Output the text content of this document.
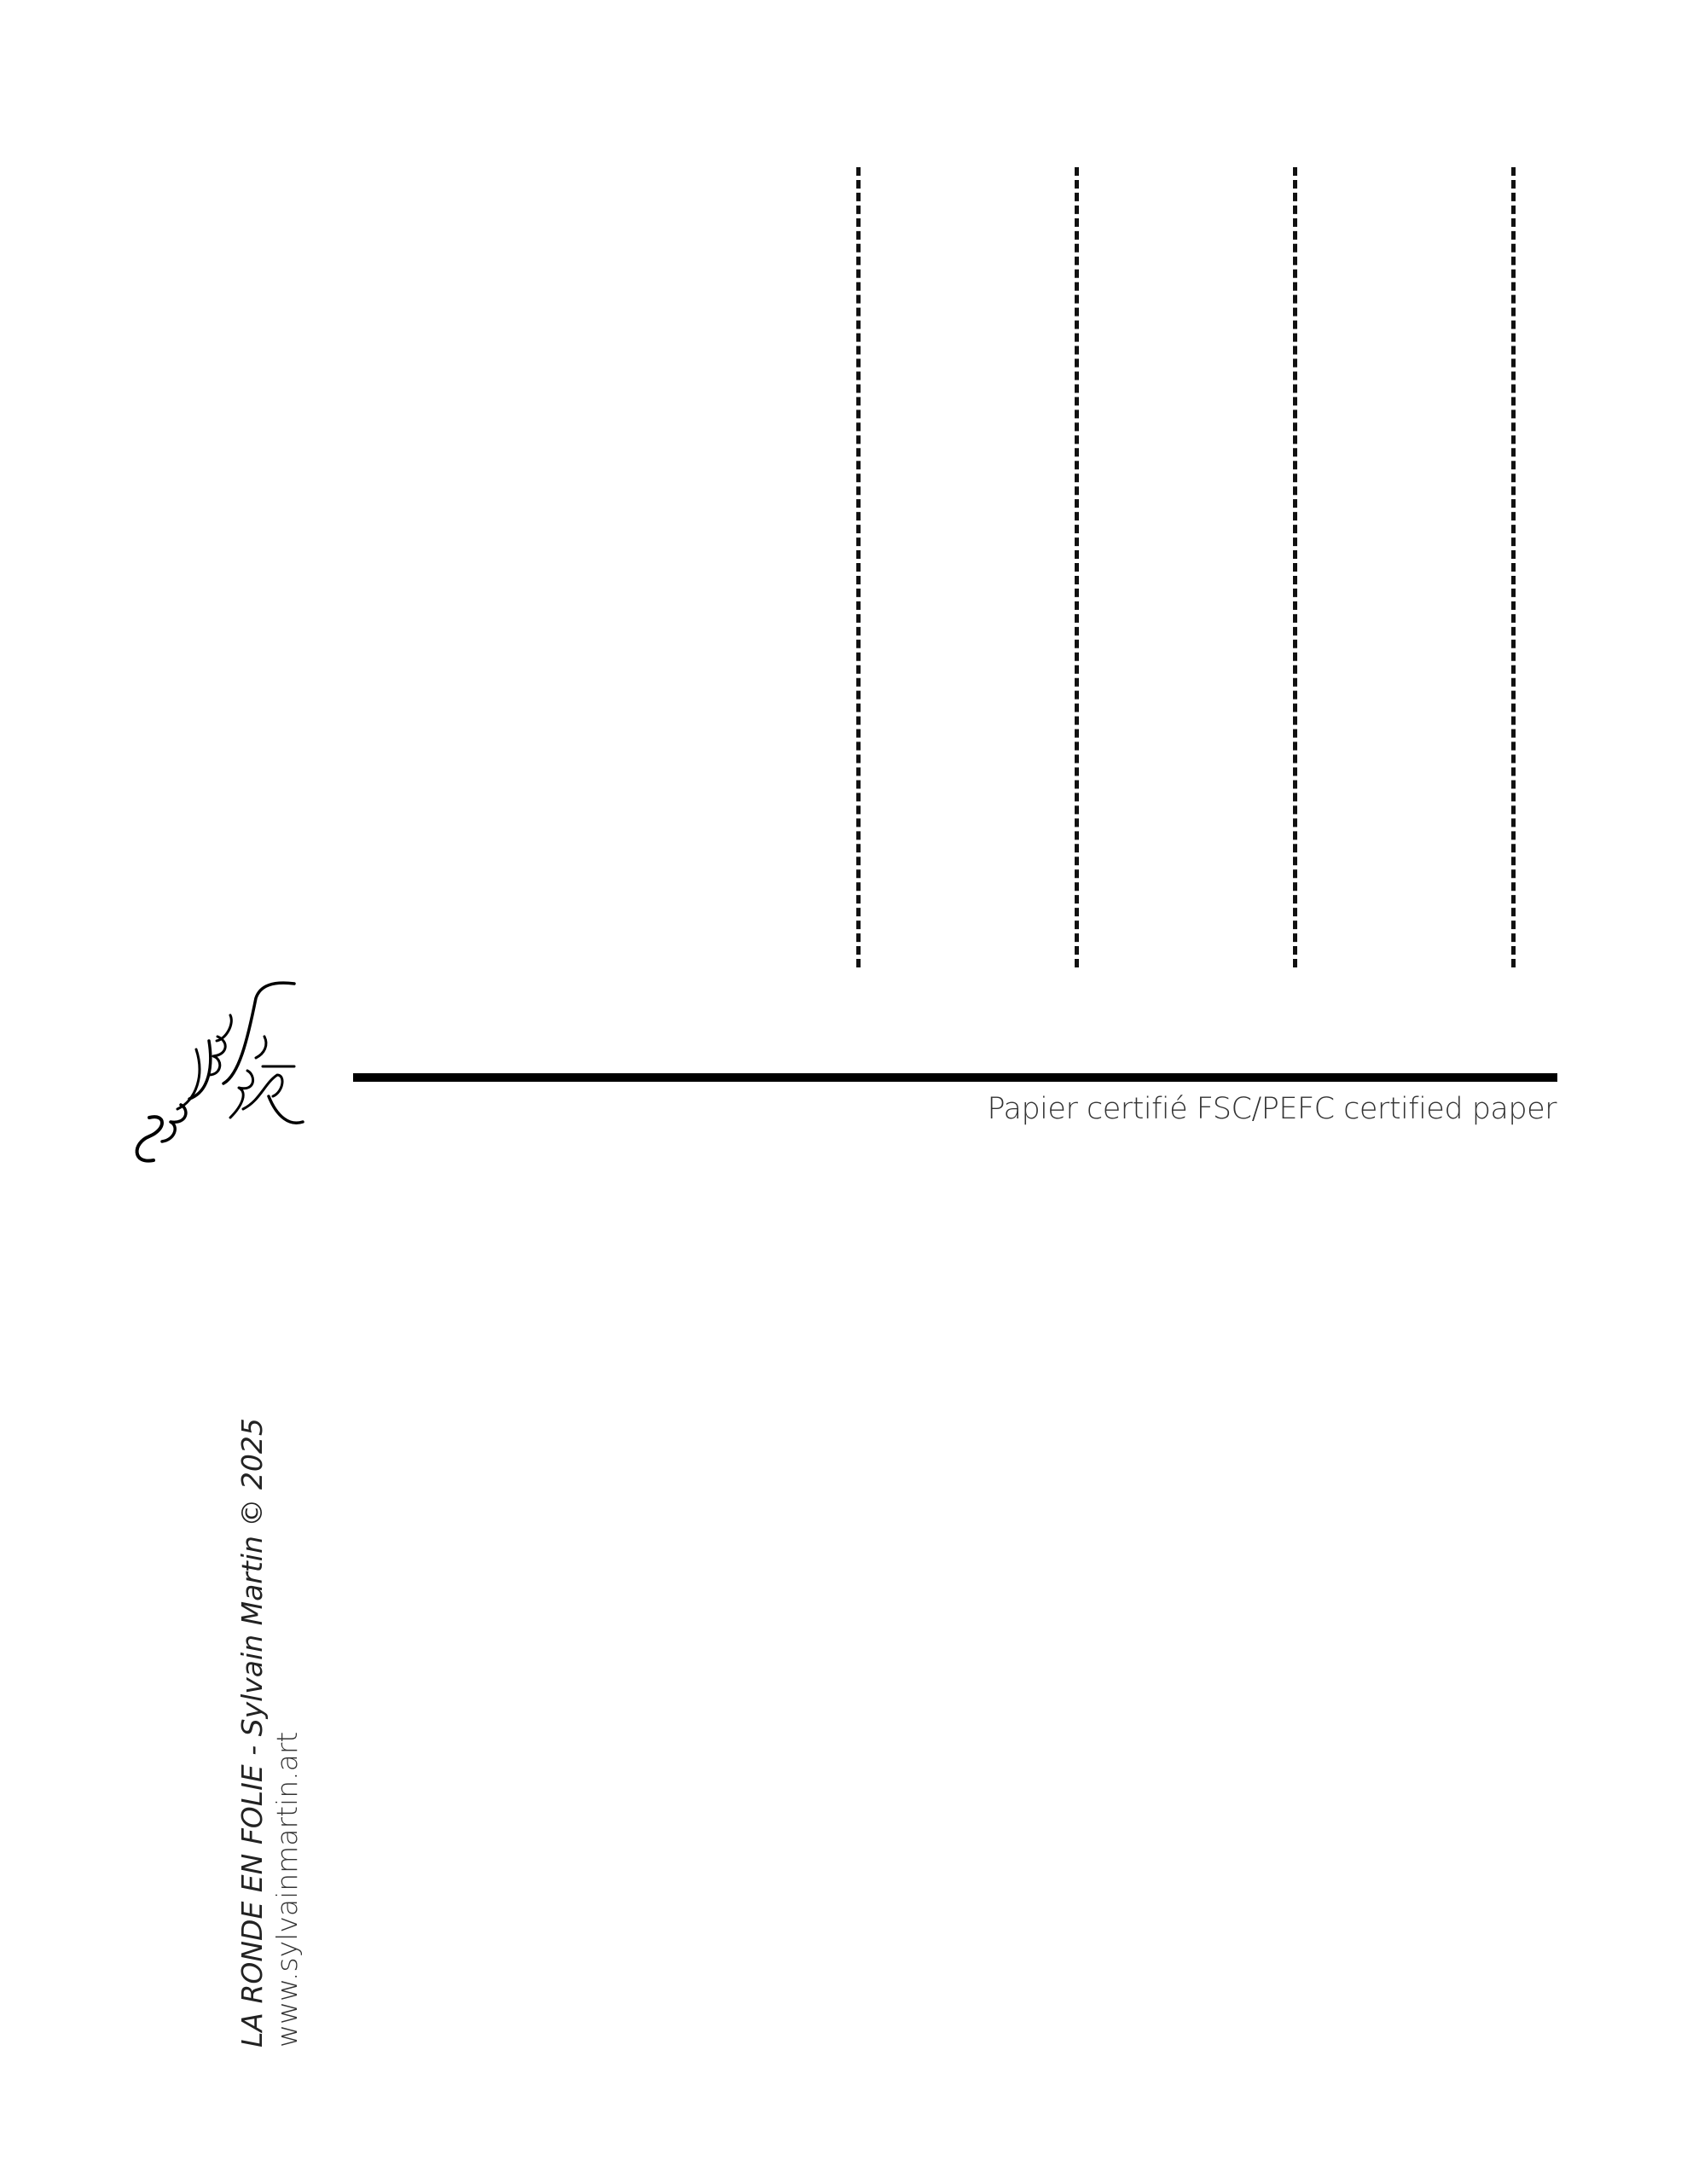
Papier certifié FSC/PEFC certified paper
LA RONDE EN FOLIE - Sylvain Martin © 2025 www.sylvainmartin.art
